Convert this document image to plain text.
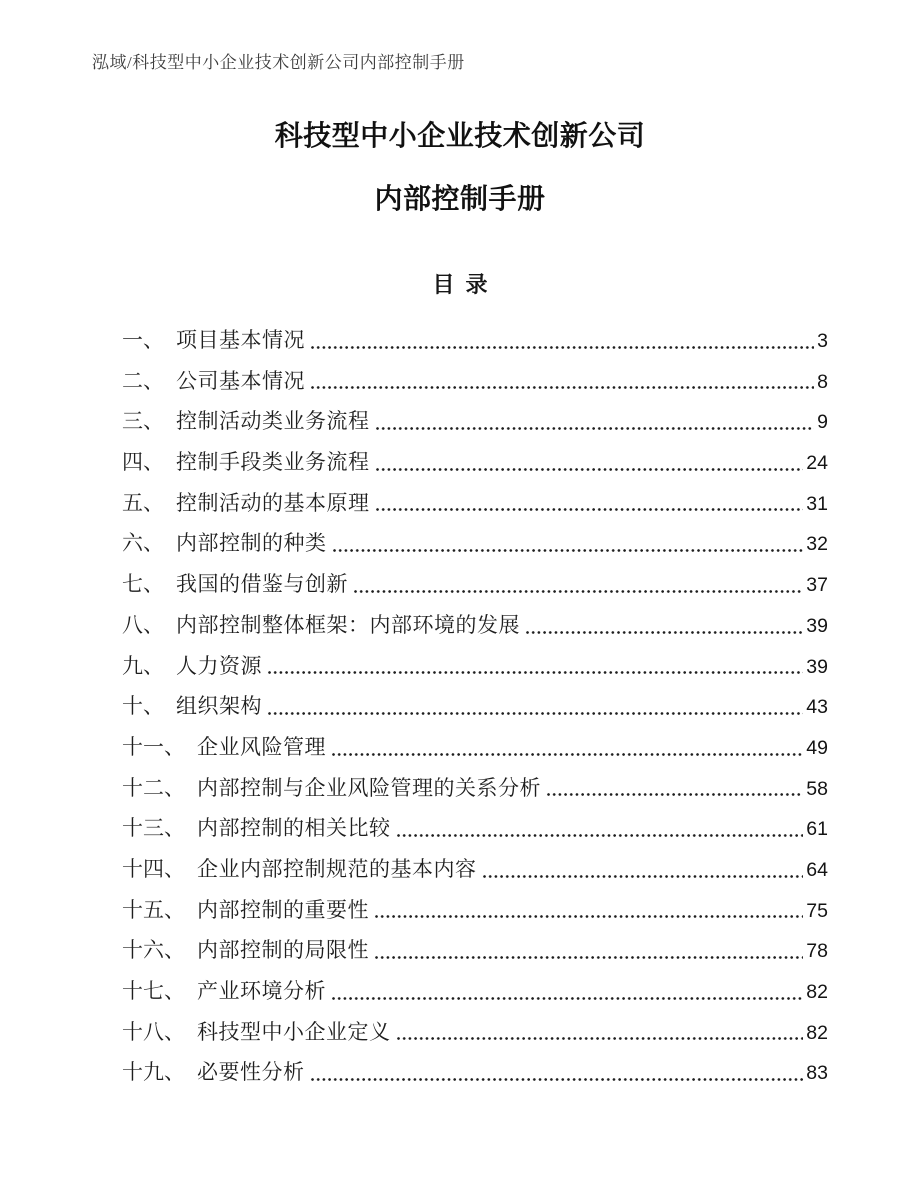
泓域/科技型中小企业技术创新公司内部控制手册
科技型中小企业技术创新公司
内部控制手册
目录
一、 项目基本情况	3
二、 公司基本情况	8
三、 控制活动类业务流程	9
四、 控制手段类业务流程	24
五、 控制活动的基本原理	31
六、 内部控制的种类	32
七、 我国的借鉴与创新	37
八、 内部控制整体框架：内部环境的发展	39
九、 人力资源	39
十、 组织架构	43
十一、 企业风险管理	49
十二、 内部控制与企业风险管理的关系分析	58
十三、 内部控制的相关比较	61
十四、 企业内部控制规范的基本内容	64
十五、 内部控制的重要性	75
十六、 内部控制的局限性	78
十七、 产业环境分析	82
十八、 科技型中小企业定义	82
十九、 必要性分析	83
